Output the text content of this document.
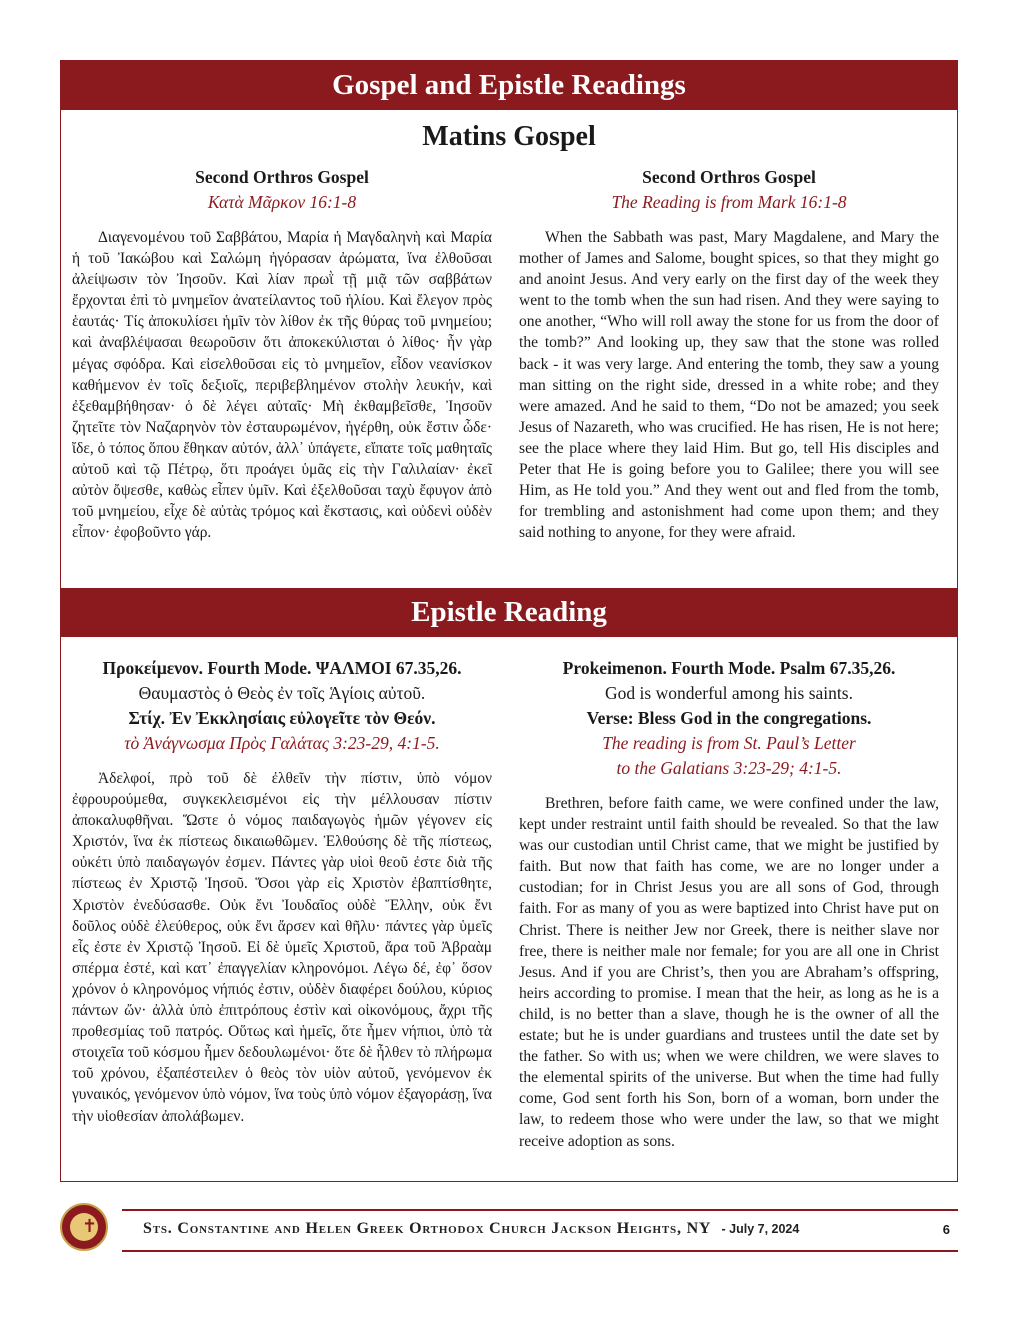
Gospel and Epistle Readings
Matins Gospel
Second Orthros Gospel
Κατὰ Μᾶρκον 16:1-8
Διαγενομένου τοῦ Σαββάτου, Μαρία ἡ Μαγδαληνὴ καὶ Μαρία ἡ τοῦ Ἰακώβου καὶ Σαλώμη ἠγόρασαν ἀρώματα, ἵνα ἐλθοῦσαι ἀλείψωσιν τὸν Ἰησοῦν. Καὶ λίαν πρωῒ τῇ μιᾷ τῶν σαββάτων ἔρχονται ἐπὶ τὸ μνημεῖον ἀνατείλαντος τοῦ ἡλίου. Καὶ ἔλεγον πρὸς ἑαυτάς· Τίς ἀποκυλίσει ἡμῖν τὸν λίθον ἐκ τῆς θύρας τοῦ μνημείου; καὶ ἀναβλέψασαι θεωροῦσιν ὅτι ἀποκεκύλισται ὁ λίθος· ἦν γὰρ μέγας σφόδρα. Καὶ εἰσελθοῦσαι εἰς τὸ μνημεῖον, εἶδον νεανίσκον καθήμενον ἐν τοῖς δεξιοῖς, περιβεβλημένον στολὴν λευκήν, καὶ ἐξεθαμβήθησαν· ὁ δὲ λέγει αὐταῖς· Μὴ ἐκθαμβεῖσθε, Ἰησοῦν ζητεῖτε τὸν Ναζαρηνὸν τὸν ἐσταυρωμένον, ἠγέρθη, οὐκ ἔστιν ὧδε· ἴδε, ὁ τόπος ὅπου ἔθηκαν αὐτόν, ἀλλ᾽ ὑπάγετε, εἴπατε τοῖς μαθηταῖς αὐτοῦ καὶ τῷ Πέτρῳ, ὅτι προάγει ὑμᾶς εἰς τὴν Γαλιλαίαν· ἐκεῖ αὐτὸν ὄψεσθε, καθὼς εἶπεν ὑμῖν. Καὶ ἐξελθοῦσαι ταχὺ ἔφυγον ἀπὸ τοῦ μνημείου, εἶχε δὲ αὐτὰς τρόμος καὶ ἔκστασις, καὶ οὐδενὶ οὐδὲν εἶπον· ἐφοβοῦντο γάρ.
Second Orthros Gospel
The Reading is from Mark 16:1-8
When the Sabbath was past, Mary Magdalene, and Mary the mother of James and Salome, bought spices, so that they might go and anoint Jesus. And very early on the first day of the week they went to the tomb when the sun had risen. And they were saying to one another, “Who will roll away the stone for us from the door of the tomb?” And looking up, they saw that the stone was rolled back - it was very large. And entering the tomb, they saw a young man sitting on the right side, dressed in a white robe; and they were amazed. And he said to them, “Do not be amazed; you seek Jesus of Nazareth, who was crucified. He has risen, He is not here; see the place where they laid Him. But go, tell His disciples and Peter that He is going before you to Galilee; there you will see Him, as He told you.” And they went out and fled from the tomb, for trembling and astonishment had come upon them; and they said nothing to anyone, for they were afraid.
Epistle Reading
Προκείμενον. Fourth Mode. ΨΑΛΜΟΙ 67.35,26.
Θαυμαστὸς ὁ Θεὸς ἐν τοῖς Ἁγίοις αὐτοῦ.
Στίχ. Ἐν Ἐκκλησίαις εὐλογεῖτε τὸν Θεόν.
τὸ Ἀνάγνωσμα Πρὸς Γαλάτας 3:23-29, 4:1-5.
Ἀδελφοί, πρὸ τοῦ δὲ ἐλθεῖν τὴν πίστιν, ὑπὸ νόμον ἐφρουρούμεθα, συγκεκλεισμένοι εἰς τὴν μέλλουσαν πίστιν ἀποκαλυφθῆναι. Ὥστε ὁ νόμος παιδαγωγὸς ἡμῶν γέγονεν εἰς Χριστόν, ἵνα ἐκ πίστεως δικαιωθῶμεν. Ἐλθούσης δὲ τῆς πίστεως, οὐκέτι ὑπὸ παιδαγωγόν ἐσμεν. Πάντες γὰρ υἱοὶ θεοῦ ἐστε διὰ τῆς πίστεως ἐν Χριστῷ Ἰησοῦ. Ὅσοι γὰρ εἰς Χριστὸν ἐβαπτίσθητε, Χριστὸν ἐνεδύσασθε. Οὐκ ἔνι Ἰουδαῖος οὐδὲ Ἕλλην, οὐκ ἔνι δοῦλος οὐδὲ ἐλεύθερος, οὐκ ἔνι ἄρσεν καὶ θῆλυ· πάντες γὰρ ὑμεῖς εἷς ἐστε ἐν Χριστῷ Ἰησοῦ. Εἰ δὲ ὑμεῖς Χριστοῦ, ἄρα τοῦ Ἀβραὰμ σπέρμα ἐστέ, καὶ κατ᾽ ἐπαγγελίαν κληρονόμοι. Λέγω δέ, ἐφ᾽ ὅσον χρόνον ὁ κληρονόμος νήπιός ἐστιν, οὐδὲν διαφέρει δούλου, κύριος πάντων ὤν· ἀλλὰ ὑπὸ ἐπιτρόπους ἐστὶν καὶ οἰκονόμους, ἄχρι τῆς προθεσμίας τοῦ πατρός. Οὕτως καὶ ἡμεῖς, ὅτε ἦμεν νήπιοι, ὑπὸ τὰ στοιχεῖα τοῦ κόσμου ἦμεν δεδουλωμένοι· ὅτε δὲ ἦλθεν τὸ πλήρωμα τοῦ χρόνου, ἐξαπέστειλεν ὁ θεὸς τὸν υἱὸν αὐτοῦ, γενόμενον ἐκ γυναικός, γενόμενον ὑπὸ νόμον, ἵνα τοὺς ὑπὸ νόμον ἐξαγοράσῃ, ἵνα τὴν υἱοθεσίαν ἀπολάβωμεν.
Prokeimenon. Fourth Mode. Psalm 67.35,26.
God is wonderful among his saints.
Verse: Bless God in the congregations.
The reading is from St. Paul’s Letter
to the Galatians 3:23-29; 4:1-5.
Brethren, before faith came, we were confined under the law, kept under restraint until faith should be revealed. So that the law was our custodian until Christ came, that we might be justified by faith. But now that faith has come, we are no longer under a custodian; for in Christ Jesus you are all sons of God, through faith. For as many of you as were baptized into Christ have put on Christ. There is neither Jew nor Greek, there is neither slave nor free, there is neither male nor female; for you are all one in Christ Jesus. And if you are Christ’s, then you are Abraham’s offspring, heirs according to promise. I mean that the heir, as long as he is a child, is no better than a slave, though he is the owner of all the estate; but he is under guardians and trustees until the date set by the father. So with us; when we were children, we were slaves to the elemental spirits of the universe. But when the time had fully come, God sent forth his Son, born of a woman, born under the law, to redeem those who were under the law, so that we might receive adoption as sons.
✝	Sts. Constantine and Helen Greek Orthodox Church Jackson Heights, NY - July 7, 2024	6
